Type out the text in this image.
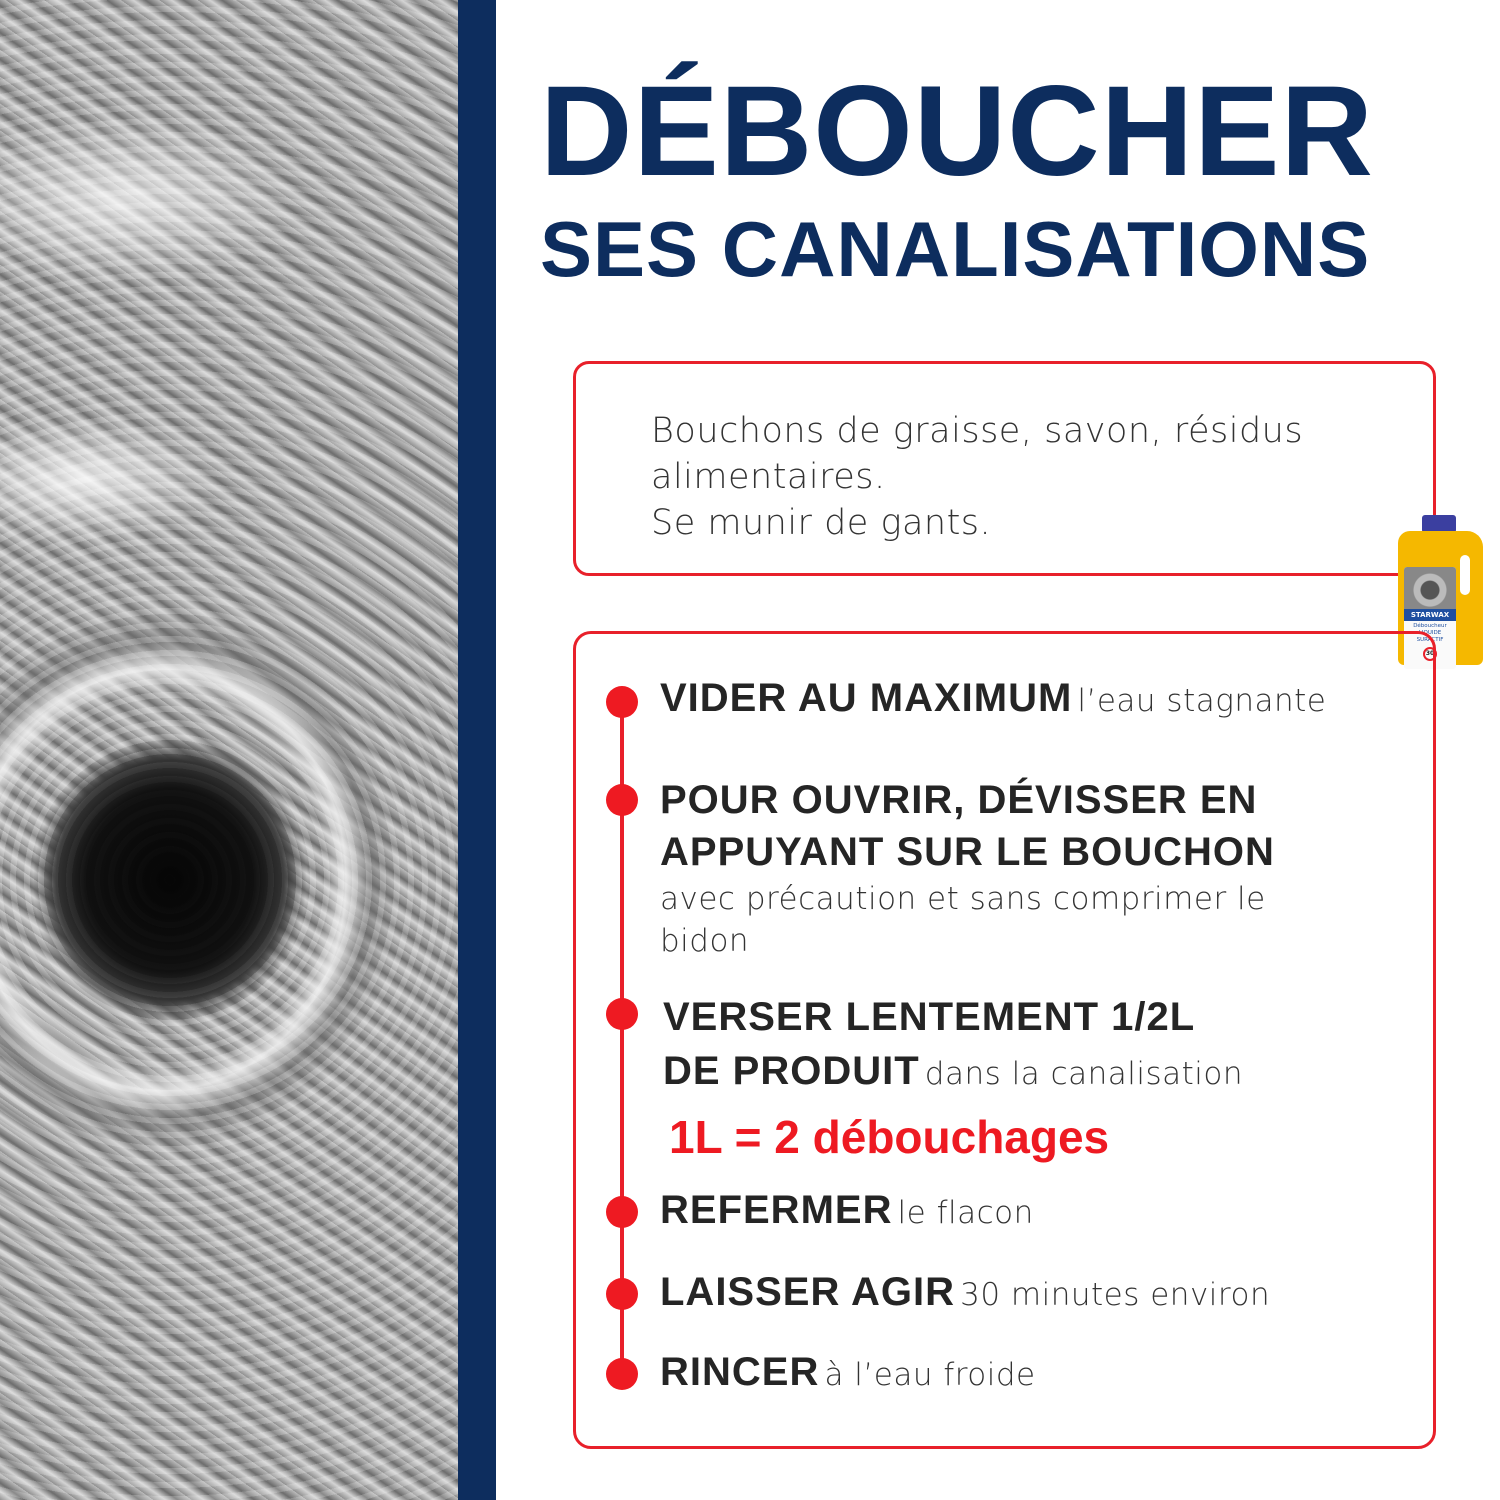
DÉBOUCHER
SES CANALISATIONS

Bouchons de graisse, savon, résidus

alimentaires.

Se munir de gants.

STARWAX
Déboucheur
LIQUIDE
SURACTIF
30
VIDER AU MAXIMUM l’eau stagnante
POUR OUVRIR, DÉVISSER EN
APPUYANT SUR LE BOUCHON
avec précaution et sans comprimer le
bidon
VERSER LENTEMENT 1/2L
DE PRODUIT dans la canalisation
1L = 2 débouchages
REFERMER le flacon
LAISSER AGIR 30 minutes environ
RINCER à l’eau froide
